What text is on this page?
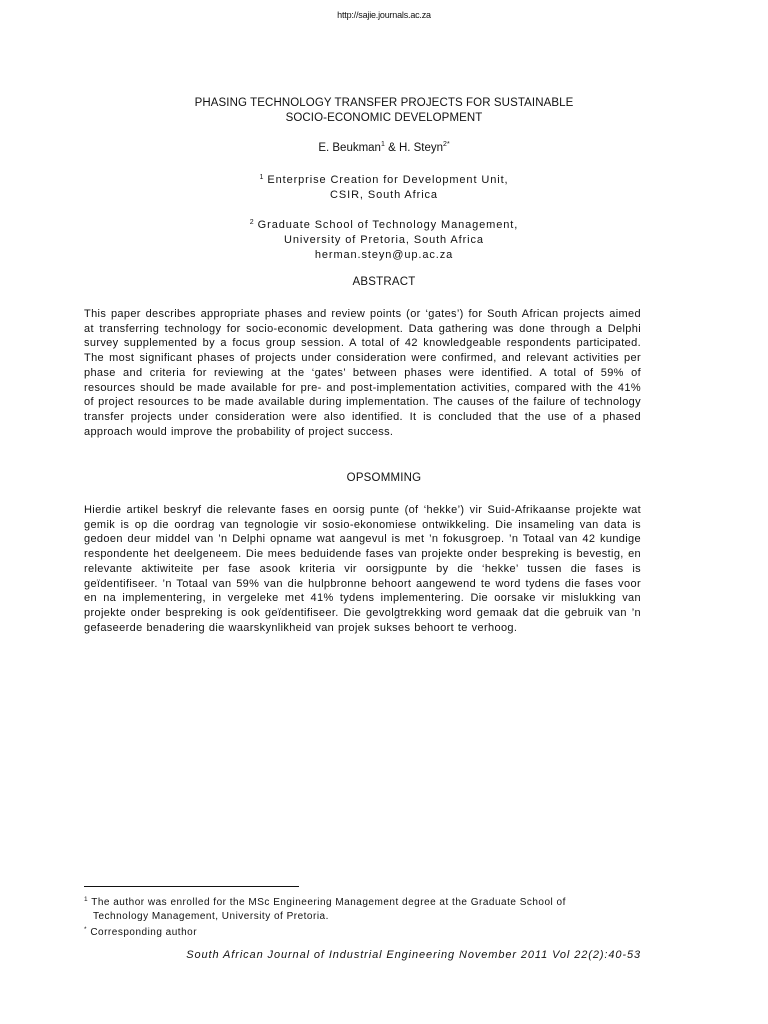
http://sajie.journals.ac.za
PHASING TECHNOLOGY TRANSFER PROJECTS FOR SUSTAINABLE
SOCIO-ECONOMIC DEVELOPMENT
E. Beukman$^1$ & H. Steyn$^{2*}$
$^1$ Enterprise Creation for Development Unit,
CSIR, South Africa
$^2$ Graduate School of Technology Management,
University of Pretoria, South Africa
herman.steyn@up.ac.za
ABSTRACT
This paper describes appropriate phases and review points (or ‘gates’) for South African projects aimed at transferring technology for socio-economic development. Data gathering was done through a Delphi survey supplemented by a focus group session. A total of 42 knowledgeable respondents participated. The most significant phases of projects under consideration were confirmed, and relevant activities per phase and criteria for reviewing at the ‘gates’ between phases were identified. A total of 59% of resources should be made available for pre- and post-implementation activities, compared with the 41% of project resources to be made available during implementation. The causes of the failure of technology transfer projects under consideration were also identified. It is concluded that the use of a phased approach would improve the probability of project success.
OPSOMMING
Hierdie artikel beskryf die relevante fases en oorsig punte (of ‘hekke’) vir Suid-Afrikaanse projekte wat gemik is op die oordrag van tegnologie vir sosio-ekonomiese ontwikkeling. Die insameling van data is gedoen deur middel van ’n Delphi opname wat aangevul is met ’n fokusgroep. ’n Totaal van 42 kundige respondente het deelgeneem. Die mees beduidende fases van projekte onder bespreking is bevestig, en relevante aktiwiteite per fase asook kriteria vir oorsigpunte by die ‘hekke’ tussen die fases is geïdentifiseer. ’n Totaal van 59% van die hulpbronne behoort aangewend te word tydens die fases voor en na implementering, in vergeleke met 41% tydens implementering. Die oorsake vir mislukking van projekte onder bespreking is ook geïdentifiseer. Die gevolgtrekking word gemaak dat die gebruik van ’n gefaseerde benadering die waarskynlikheid van projek sukses behoort te verhoog.
$^1$ The author was enrolled for the MSc Engineering Management degree at the Graduate School of
Technology Management, University of Pretoria.
* Corresponding author
South African Journal of Industrial Engineering November 2011 Vol 22(2):40-53
